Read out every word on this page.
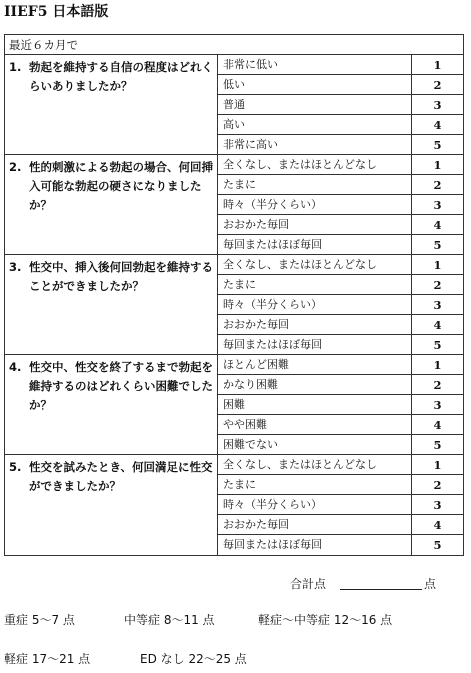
IIEF5 日本語版
最近６カ月で
1. 勃起を維持する自信の程度はどれくらいありましたか？
非常に低い	1
低い	2
普通	3
高い	4
非常に高い	5
2. 性的刺激による勃起の場合、何回挿入可能な勃起の硬さになりましたか？
全くなし、またはほとんどなし	1
たまに	2
時々（半分くらい）	3
おおかた毎回	4
毎回またはほぼ毎回	5
3. 性交中、挿入後何回勃起を維持することができましたか？
全くなし、またはほとんどなし	1
たまに	2
時々（半分くらい）	3
おおかた毎回	4
毎回またはほぼ毎回	5
4. 性交中、性交を終了するまで勃起を維持するのはどれくらい困難でしたか？
ほとんど困難	1
かなり困難	2
困難	3
やや困難	4
困難でない	5
5. 性交を試みたとき、何回満足に性交ができましたか？
全くなし、またはほとんどなし	1
たまに	2
時々（半分くらい）	3
おおかた毎回	4
毎回またはほぼ毎回	5
合計点	点
重症 5〜7 点	中等症 8〜11 点	軽症〜中等症 12〜16 点
軽症 17〜21 点	ED なし 22〜25 点
